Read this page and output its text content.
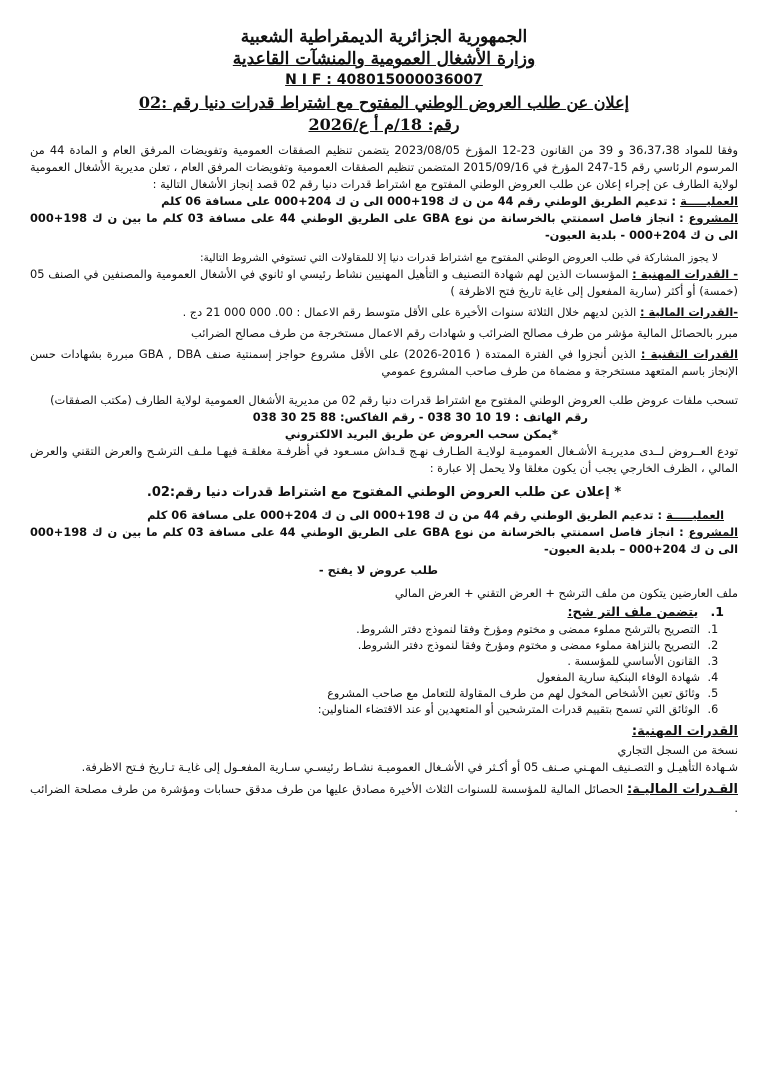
الجمهورية الجزائرية الديمقراطية الشعبية
وزارة الأشغال العمومية والمنشآت القاعدية
N I F : 408015000036007
إعلان عن طلب العروض الوطني المفتوح مع اشتراط قدرات دنيا رقم :02
رقم: 18/م أ ع/2026

وفقا للمواد 36،37،38 و 39 من القانون 23-12 المؤرخ 2023/08/05 يتضمن تنظيم الصفقات العمومية وتفويضات المرفق العام و المادة 44 من المرسوم الرئاسي رقم 15-247 المؤرخ في 2015/09/16 المتضمن تنظيم الصفقات العمومية وتفويضات المرفق العام ، تعلن مديرية الأشغال العمومية لولاية الطارف عن إجراء إعلان عن طلب العروض الوطني المفتوح مع اشتراط قدرات دنيا رقم 02 قصد إنجاز الأشغال التالية :

العمليـــــة : تدعيم الطريق الوطني رقم 44 من ن ك 198+000 الى ن ك 204+000 على مسافة 06 كلم

المشروع : انجاز فاصل اسمنتي بالخرسانة من نوع GBA على الطريق الوطني 44 على مسافة 03 كلم ما بين ن ك 198+000 الى ن ك 204+000 - بلدية العيون-

لا يجوز المشاركة في طلب العروض الوطني المفتوح مع اشتراط قدرات دنيا إلا للمقاولات التي تستوفي الشروط التالية:

- القدرات المهنية : المؤسسات الذين لهم شهادة التصنيف و التأهيل المهنيين نشاط رئيسي او ثانوي في الأشغال العمومية والمصنفين في الصنف 05 (خمسة) أو أكثر (سارية المفعول إلى غاية تاريخ فتح الاظرفة )

-القدرات المالية : الذين لديهم خلال الثلاثة سنوات الأخيرة على الأقل متوسط رقم الاعمال : 00. 000 000 21 دج .

مبرر بالحصائل المالية مؤشر من طرف مصالح الضرائب و شهادات رقم الاعمال مستخرجة من طرف مصالح الضرائب

القدرات التقنية : الذين أنجزوا في الفترة الممتدة ( 2016-2026) على الأقل مشروع حواجز إسمنتية صنف GBA , DBA مبررة بشهادات حسن الإنجاز باسم المتعهد مستخرجة و مضماة من طرف صاحب المشروع عمومي

تسحب ملفات عروض طلب العروض الوطني المفتوح مع اشتراط قدرات دنيا رقم 02 من مديرية الأشغال العمومية لولاية الطارف (مكتب الصفقات)

رقم الهاتف : 19 10 30 038 - رقم الفاكس: 88 25 30 038

*يمكن سحب العروض عن طريق البريد الالكتروني

تودع العــروض لــدى مديريـة الأشـغال العموميـة لولايـة الطـارف نهـج قـداش مسـعود في أظرفـة مغلقـة فيهـا ملـف الترشـح والعرض التقني والعرض المالي ، الظرف الخارجي يجب أن يكون مغلقا ولا يحمل إلا عبارة :

* إعلان عن طلب العروض الوطني المفتوح مع اشتراط قدرات دنيا رقم:02.

العمليـــــة : تدعيم الطريق الوطني رقم 44 من ن ك 198+000 الى ن ك 204+000 على مسافة 06 كلم

المشروع : انجاز فاصل اسمنتي بالخرسانة من نوع GBA على الطريق الوطني 44 على مسافة 03 كلم ما بين ن ك 198+000 الى ن ك 204+000 – بلدية العيون-

طلب عروض لا يفتح -

ملف العارضين يتكون من ملف الترشح + العرض التقني + العرض المالي

1. يتضمن ملف التر شح:
1. التصريح بالترشح مملوء ممضى و مختوم ومؤرخ وفقا لنموذج دفتر الشروط.
2. التصريح بالنزاهة مملوء ممضى و مختوم ومؤرخ وفقا لنموذج دفتر الشروط.
3. القانون الأساسي للمؤسسة .
4. شهادة الوفاء البنكية سارية المفعول
5. وثائق تعين الأشخاص المخول لهم من طرف المقاولة للتعامل مع صاحب المشروع
6. الوثائق التي تسمح بتقييم قدرات المترشحين أو المتعهدين أو عند الاقتضاء المناولين:
القدرات المهنية:

نسخة من السجل التجاري

شـهادة التأهيـل و التصـنيف المهـني صـنف 05 أو أكـثر في الأشـغال العموميـة نشـاط رئيسـي سـارية المفعـول إلى غايـة تـاريخ فـتح الاظرفة.

القـدرات الماليـة: الحصائل المالية للمؤسسة للسنوات الثلاث الأخيرة مصادق عليها من طرف مدقق حسابات ومؤشرة من طرف مصلحة الضرائب .
